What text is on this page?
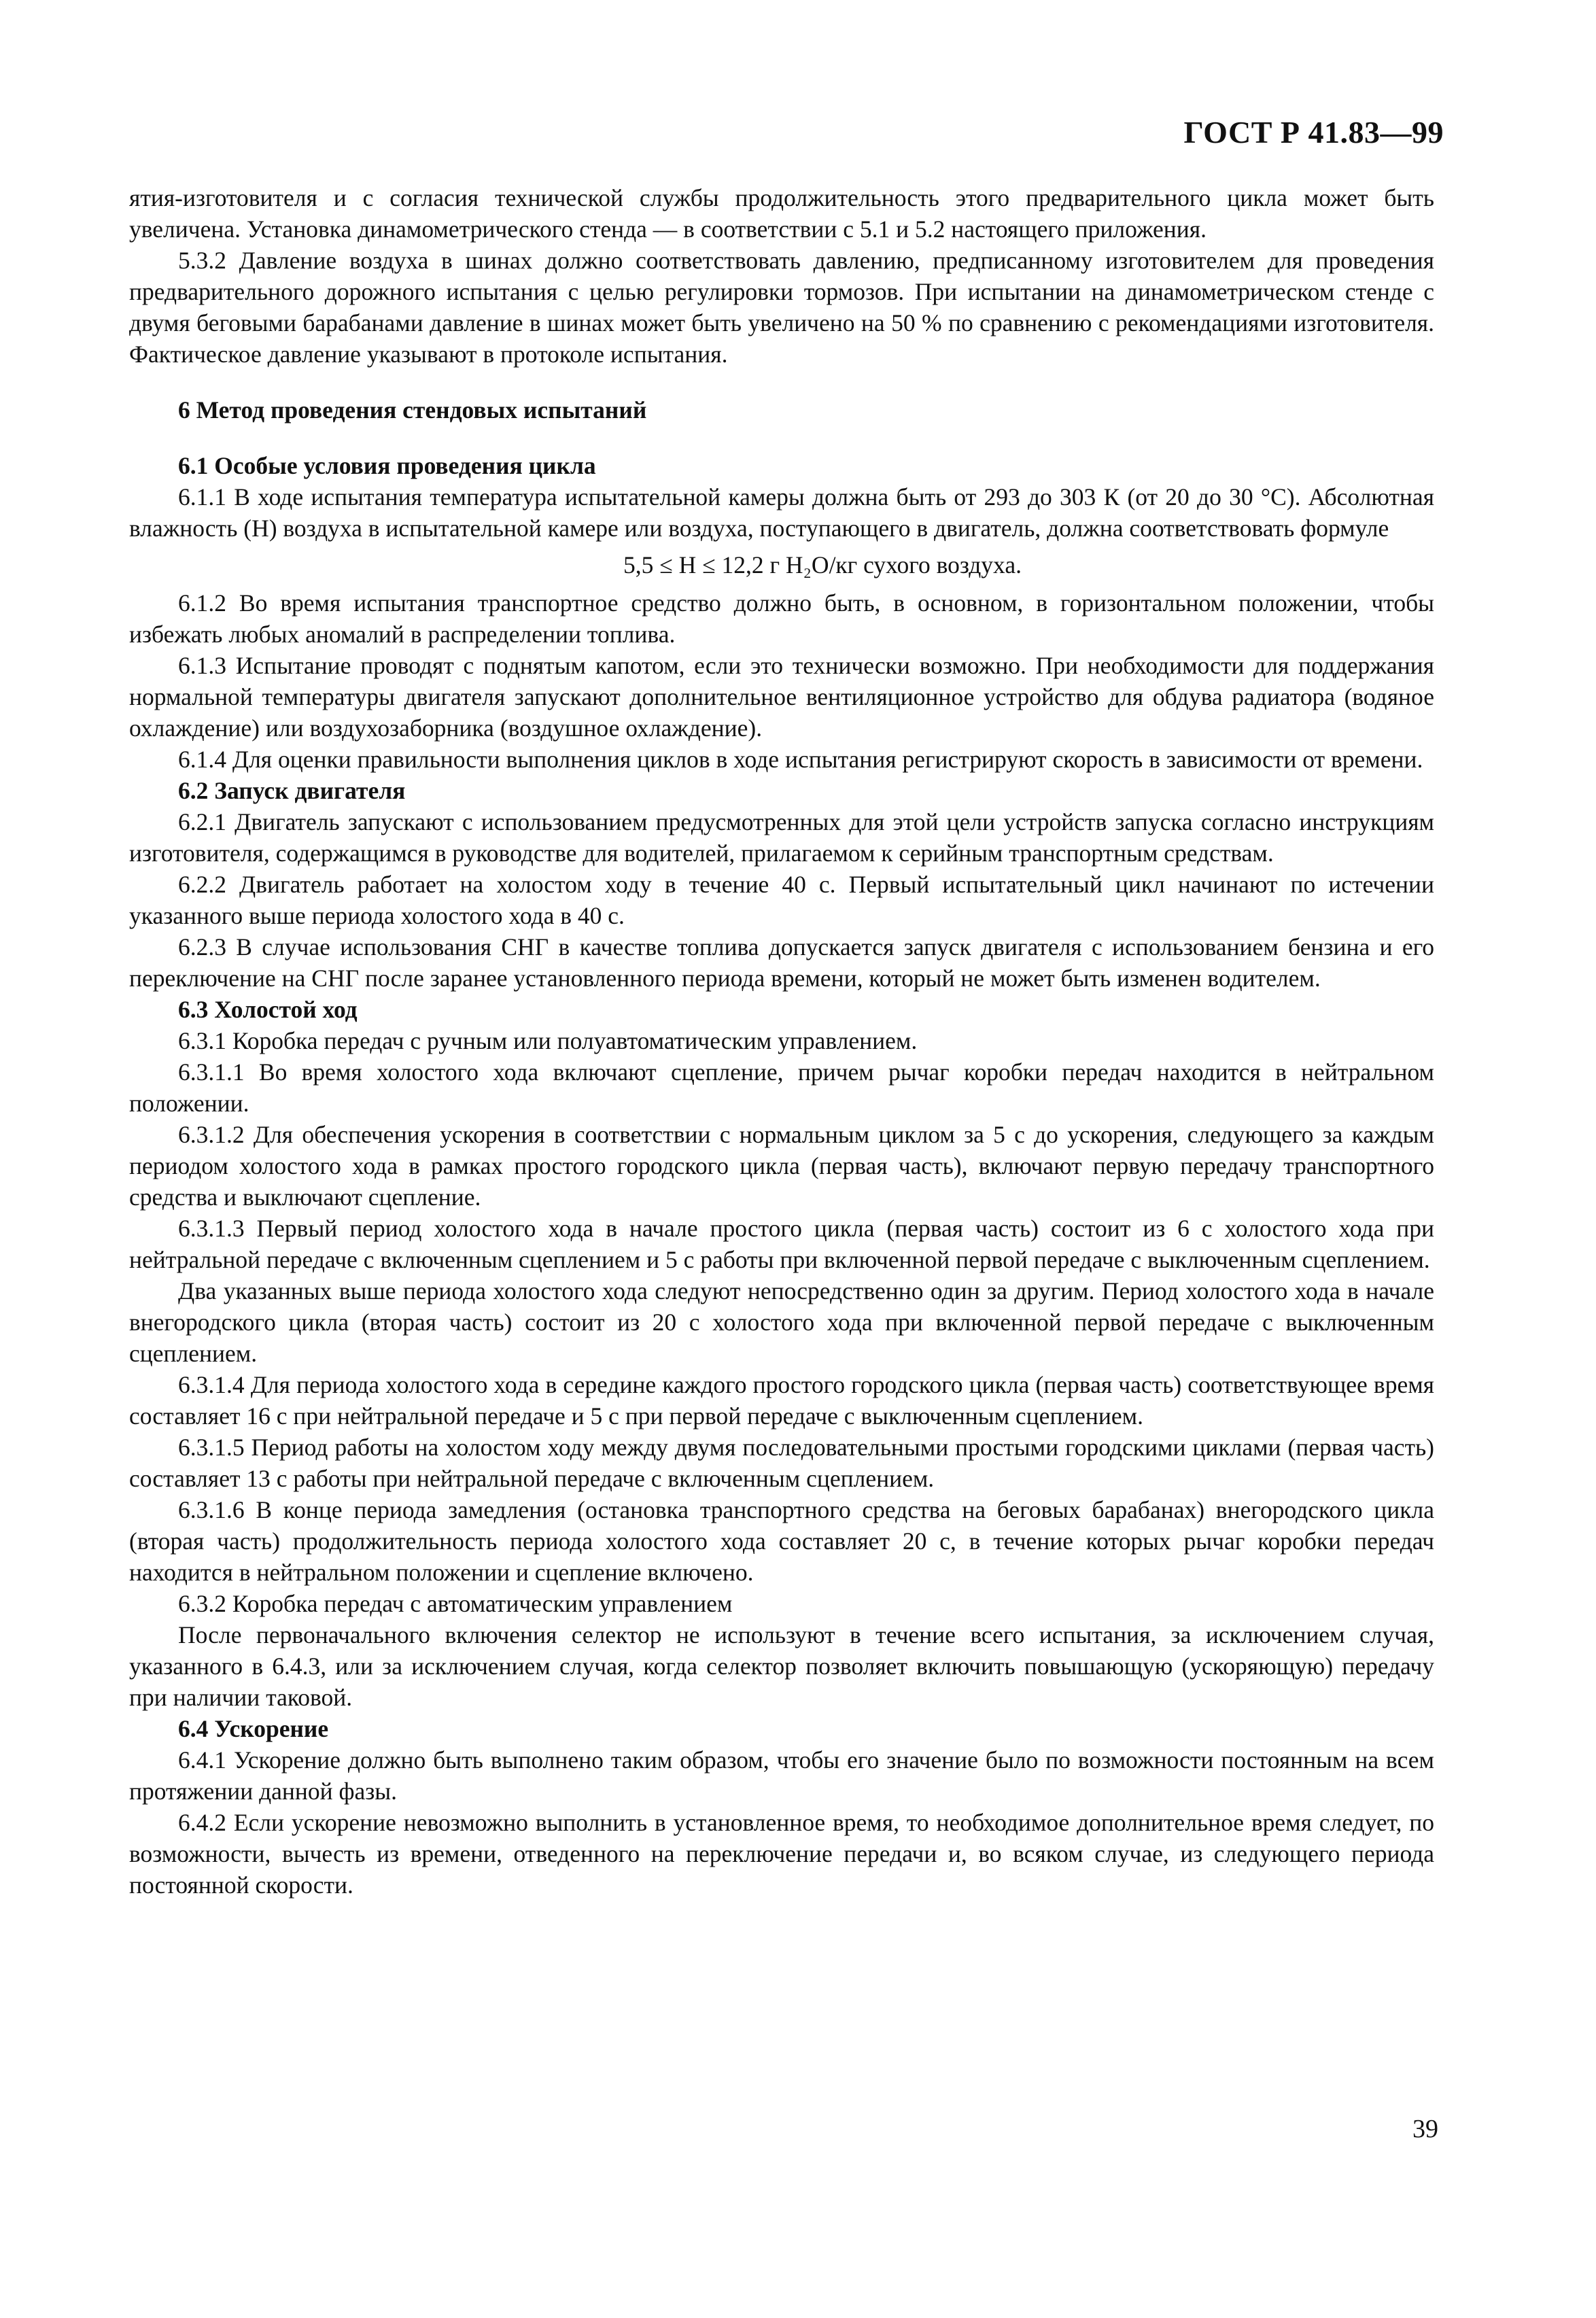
ГОСТ Р 41.83—99

ятия-изготовителя и с согласия технической службы продолжительность этого предварительного цикла может быть увеличена. Установка динамометрического стенда — в соответствии с 5.1 и 5.2 настоящего приложения.

5.3.2 Давление воздуха в шинах должно соответствовать давлению, предписанному изготовителем для проведения предварительного дорожного испытания с целью регулировки тормозов. При испытании на динамометрическом стенде с двумя беговыми барабанами давление в шинах может быть увеличено на 50 % по сравнению с рекомендациями изготовителя. Фактическое давление указывают в протоколе испытания.

6 Метод проведения стендовых испытаний

6.1 Особые условия проведения цикла

6.1.1 В ходе испытания температура испытательной камеры должна быть от 293 до 303 К (от 20 до 30 °С). Абсолютная влажность (H) воздуха в испытательной камере или воздуха, поступающего в двигатель, должна соответствовать формуле

5,5 ≤ H ≤ 12,2 г H₂O/кг сухого воздуха.

6.1.2 Во время испытания транспортное средство должно быть, в основном, в горизонтальном положении, чтобы избежать любых аномалий в распределении топлива.

6.1.3 Испытание проводят с поднятым капотом, если это технически возможно. При необходимости для поддержания нормальной температуры двигателя запускают дополнительное вентиляционное устройство для обдува радиатора (водяное охлаждение) или воздухозаборника (воздушное охлаждение).

6.1.4 Для оценки правильности выполнения циклов в ходе испытания регистрируют скорость в зависимости от времени.

6.2 Запуск двигателя

6.2.1 Двигатель запускают с использованием предусмотренных для этой цели устройств запуска согласно инструкциям изготовителя, содержащимся в руководстве для водителей, прилагаемом к серийным транспортным средствам.

6.2.2 Двигатель работает на холостом ходу в течение 40 с. Первый испытательный цикл начинают по истечении указанного выше периода холостого хода в 40 с.

6.2.3 В случае использования СНГ в качестве топлива допускается запуск двигателя с использованием бензина и его переключение на СНГ после заранее установленного периода времени, который не может быть изменен водителем.

6.3 Холостой ход

6.3.1 Коробка передач с ручным или полуавтоматическим управлением.

6.3.1.1 Во время холостого хода включают сцепление, причем рычаг коробки передач находится в нейтральном положении.

6.3.1.2 Для обеспечения ускорения в соответствии с нормальным циклом за 5 с до ускорения, следующего за каждым периодом холостого хода в рамках простого городского цикла (первая часть), включают первую передачу транспортного средства и выключают сцепление.

6.3.1.3 Первый период холостого хода в начале простого цикла (первая часть) состоит из 6 с холостого хода при нейтральной передаче с включенным сцеплением и 5 с работы при включенной первой передаче с выключенным сцеплением.

Два указанных выше периода холостого хода следуют непосредственно один за другим. Период холостого хода в начале внегородского цикла (вторая часть) состоит из 20 с холостого хода при включенной первой передаче с выключенным сцеплением.

6.3.1.4 Для периода холостого хода в середине каждого простого городского цикла (первая часть) соответствующее время составляет 16 с при нейтральной передаче и 5 с при первой передаче с выключенным сцеплением.

6.3.1.5 Период работы на холостом ходу между двумя последовательными простыми городскими циклами (первая часть) составляет 13 с работы при нейтральной передаче с включенным сцеплением.

6.3.1.6 В конце периода замедления (остановка транспортного средства на беговых барабанах) внегородского цикла (вторая часть) продолжительность периода холостого хода составляет 20 с, в течение которых рычаг коробки передач находится в нейтральном положении и сцепление включено.

6.3.2 Коробка передач с автоматическим управлением

После первоначального включения селектор не используют в течение всего испытания, за исключением случая, указанного в 6.4.3, или за исключением случая, когда селектор позволяет включить повышающую (ускоряющую) передачу при наличии таковой.

6.4 Ускорение

6.4.1 Ускорение должно быть выполнено таким образом, чтобы его значение было по возможности постоянным на всем протяжении данной фазы.

6.4.2 Если ускорение невозможно выполнить в установленное время, то необходимое дополнительное время следует, по возможности, вычесть из времени, отведенного на переключение передачи и, во всяком случае, из следующего периода постоянной скорости.

39
